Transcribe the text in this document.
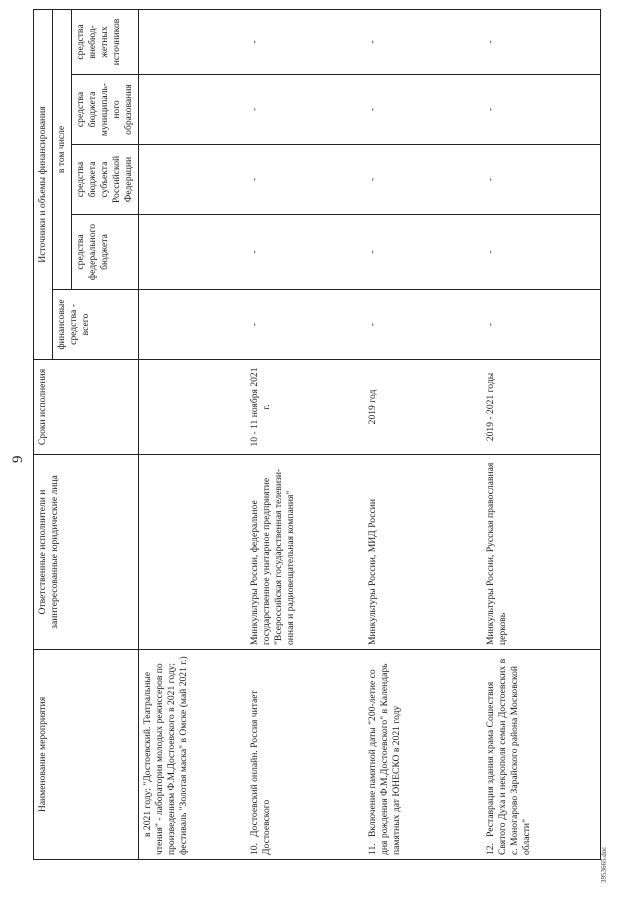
9
Наименование мероприятия	Ответственные исполнители и заинтересованные юридические лица	Сроки исполнения	Источники и объемы финансирования				
			финансовые средства - всего	в том числе			
				средства федерального бюджета	средства бюджета субъекта Российской Федерации	средства бюджета муниципаль-ного образования	средства внебюд-жетных источников
в 2021 году; "Достоевский. Театральные чтения" - лаборатория молодых режиссеров по произведениям Ф.М.Достоевского в 2021 году; фестиваль "Золотая маска" в Омске (май 2021 г.)							
10.Достоевский онлайн. Россия читает Достоевского	Минкультуры России, федеральное государственное унитарное предприятие "Всероссийская государственная телевизи-онная и радиовещательная компания"	10 - 11 ноября 2021 г.	-	-	-	-	-
11.Включение памятной даты "200-летие со дня рождения Ф.М.Достоевского" в Календарь памятных дат ЮНЕСКО в 2021 году	Минкультуры России, МИД России	2019 год	-	-	-	-	-
12.Реставрация здания храма Сошествия Святого Духа и некрополя семьи Достоевских в с. Моногарово Зарайского района Московской области"	Минкультуры России, Русская православная церковь	2019 - 2021 годы	-	-	-	-	-
3953665.doc
